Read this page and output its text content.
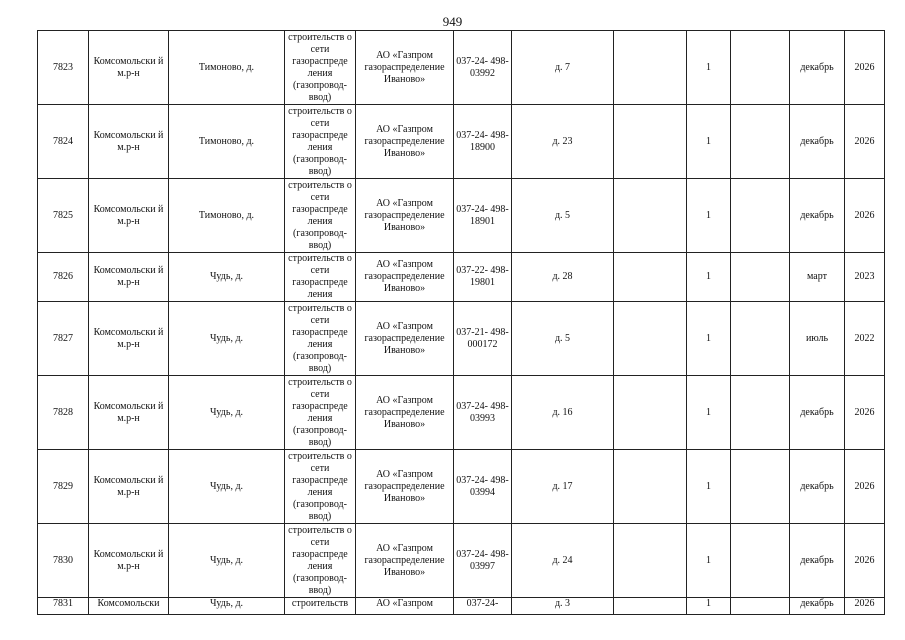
949
7823	Комсомольски й м.р-н	Тимоново, д.	строительств о сети газораспреде ления (газопровод- ввод)	АО «Газпром газораспределение Иваново»	037-24- 498-03992	д. 7		1		декабрь	2026
7824	Комсомольски й м.р-н	Тимоново, д.	строительств о сети газораспреде ления (газопровод- ввод)	АО «Газпром газораспределение Иваново»	037-24- 498-18900	д. 23		1		декабрь	2026
7825	Комсомольски й м.р-н	Тимоново, д.	строительств о сети газораспреде ления (газопровод- ввод)	АО «Газпром газораспределение Иваново»	037-24- 498-18901	д. 5		1		декабрь	2026
7826	Комсомольски й м.р-н	Чудь, д.	строительств о сети газораспреде ления	АО «Газпром газораспределение Иваново»	037-22- 498-19801	д. 28		1		март	2023
7827	Комсомольски й м.р-н	Чудь, д.	строительств о сети газораспреде ления (газопровод- ввод)	АО «Газпром газораспределение Иваново»	037-21- 498- 000172	д. 5		1		июль	2022
7828	Комсомольски й м.р-н	Чудь, д.	строительств о сети газораспреде ления (газопровод- ввод)	АО «Газпром газораспределение Иваново»	037-24- 498-03993	д. 16		1		декабрь	2026
7829	Комсомольски й м.р-н	Чудь, д.	строительств о сети газораспреде ления (газопровод- ввод)	АО «Газпром газораспределение Иваново»	037-24- 498-03994	д. 17		1		декабрь	2026
7830	Комсомольски й м.р-н	Чудь, д.	строительств о сети газораспреде ления (газопровод- ввод)	АО «Газпром газораспределение Иваново»	037-24- 498-03997	д. 24		1		декабрь	2026
7831	Комсомольски	Чудь, д.	строительств	АО «Газпром	037-24-	д. 3		1		декабрь	2026
